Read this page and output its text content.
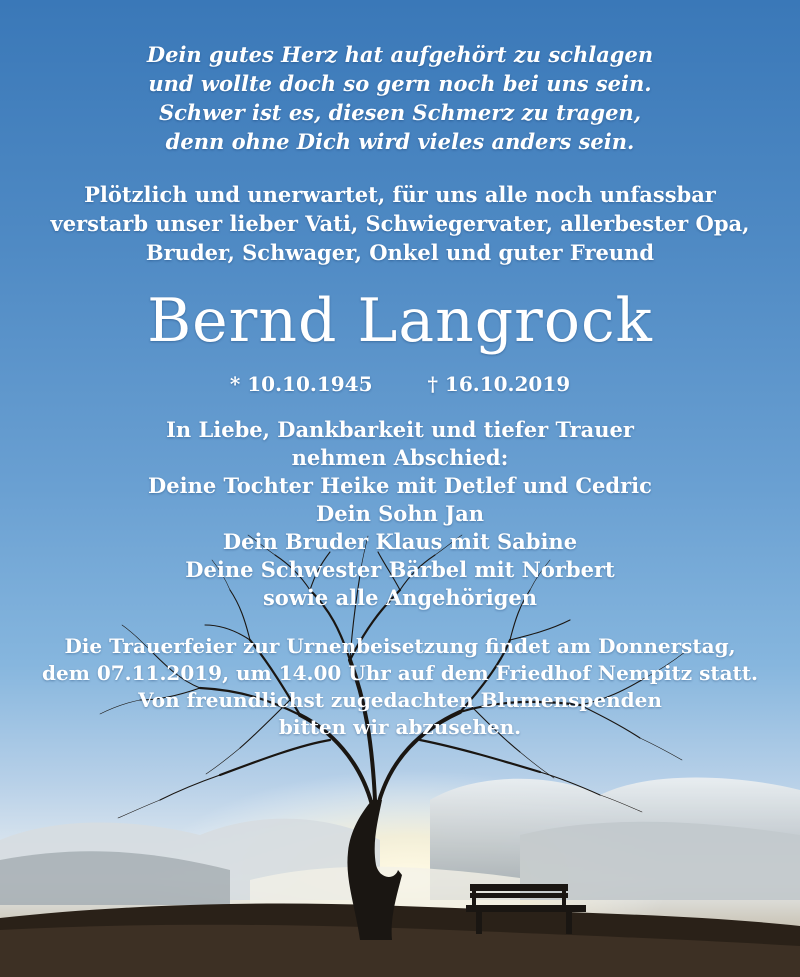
Dein gutes Herz hat aufgehört zu schlagen
und wollte doch so gern noch bei uns sein.
Schwer ist es, diesen Schmerz zu tragen,
denn ohne Dich wird vieles anders sein.
Plötzlich und unerwartet, für uns alle noch unfassbar
verstarb unser lieber Vati, Schwiegervater, allerbester Opa,
Bruder, Schwager, Onkel und guter Freund
Bernd Langrock
* 10.10.1945	† 16.10.2019
In Liebe, Dankbarkeit und tiefer Trauer
nehmen Abschied:
Deine Tochter Heike mit Detlef und Cedric
Dein Sohn Jan
Dein Bruder Klaus mit Sabine
Deine Schwester Bärbel mit Norbert
sowie alle Angehörigen
Die Trauerfeier zur Urnenbeisetzung findet am Donnerstag,
dem 07.11.2019, um 14.00 Uhr auf dem Friedhof Nempitz statt.
Von freundlichst zugedachten Blumenspenden
bitten wir abzusehen.
